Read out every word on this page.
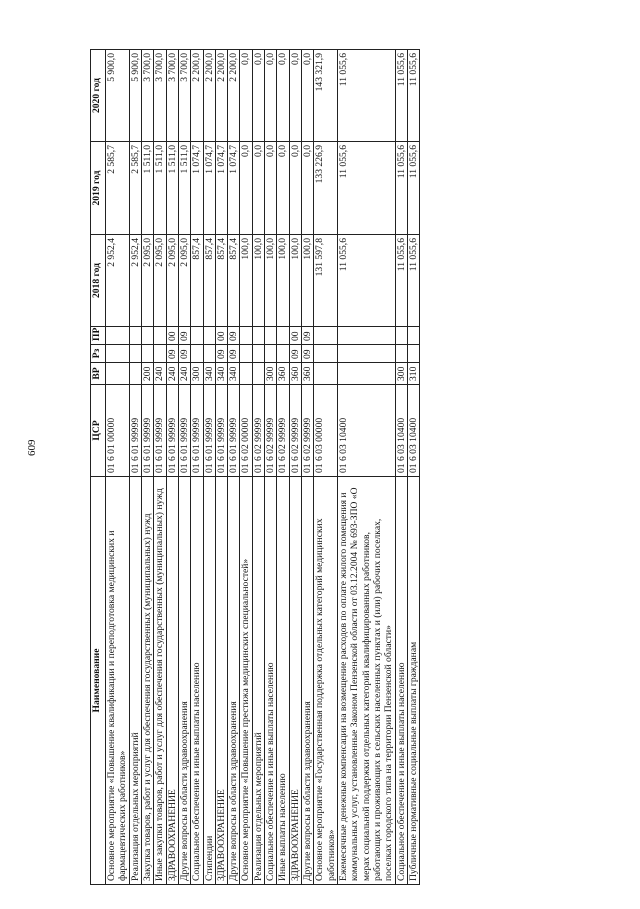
609
Наименование	ЦСР	ВР	Рз	ПР	2018 год	2019 год	2020 год
Основное мероприятие «Повышение квалификации и переподготовка медицинских и фармацевтических работников»	01 6 01 00000				2 952,4	2 585,7	5 900,0
Реализация отдельных мероприятий	01 6 01 99999				2 952,4	2 585,7	5 900,0
Закупка товаров, работ и услуг для обеспечения государственных (муниципальных) нужд	01 6 01 99999	200			2 095,0	1 511,0	3 700,0
Иные закупки товаров, работ и услуг для обеспечения государственных (муниципальных) нужд	01 6 01 99999	240			2 095,0	1 511,0	3 700,0
ЗДРАВООХРАНЕНИЕ	01 6 01 99999	240	09	00	2 095,0	1 511,0	3 700,0
Другие вопросы в области здравоохранения	01 6 01 99999	240	09	09	2 095,0	1 511,0	3 700,0
Социальное обеспечение и иные выплаты населению	01 6 01 99999	300			857,4	1 074,7	2 200,0
Стипендии	01 6 01 99999	340			857,4	1 074,7	2 200,0
ЗДРАВООХРАНЕНИЕ	01 6 01 99999	340	09	00	857,4	1 074,7	2 200,0
Другие вопросы в области здравоохранения	01 6 01 99999	340	09	09	857,4	1 074,7	2 200,0
Основное мероприятие «Повышение престижа медицинских специальностей»	01 6 02 00000				100,0	0,0	0,0
Реализация отдельных мероприятий	01 6 02 99999				100,0	0,0	0,0
Социальное обеспечение и иные выплаты населению	01 6 02 99999	300			100,0	0,0	0,0
Иные выплаты населению	01 6 02 99999	360			100,0	0,0	0,0
ЗДРАВООХРАНЕНИЕ	01 6 02 99999	360	09	00	100,0	0,0	0,0
Другие вопросы в области здравоохранения	01 6 02 99999	360	09	09	100,0	0,0	0,0
Основное мероприятие «Государственная поддержка отдельных категорий медицинских работников»	01 6 03 00000				131 597,8	133 226,9	143 321,9
Ежемесячные денежные компенсации на возмещение расходов по оплате жилого помещения и коммунальных услуг, установленные Законом Пензенской области от 03.12.2004 № 693-ЗПО «О мерах социальной поддержки отдельных категорий квалифицированных работников, работающих и проживающих в сельских населенных пунктах и (или) рабочих поселках, поселках городского типа на территории Пензенской области»	01 6 03 10400				11 055,6	11 055,6	11 055,6
Социальное обеспечение и иные выплаты населению	01 6 03 10400	300			11 055,6	11 055,6	11 055,6
Публичные нормативные социальные выплаты гражданам	01 6 03 10400	310			11 055,6	11 055,6	11 055,6
